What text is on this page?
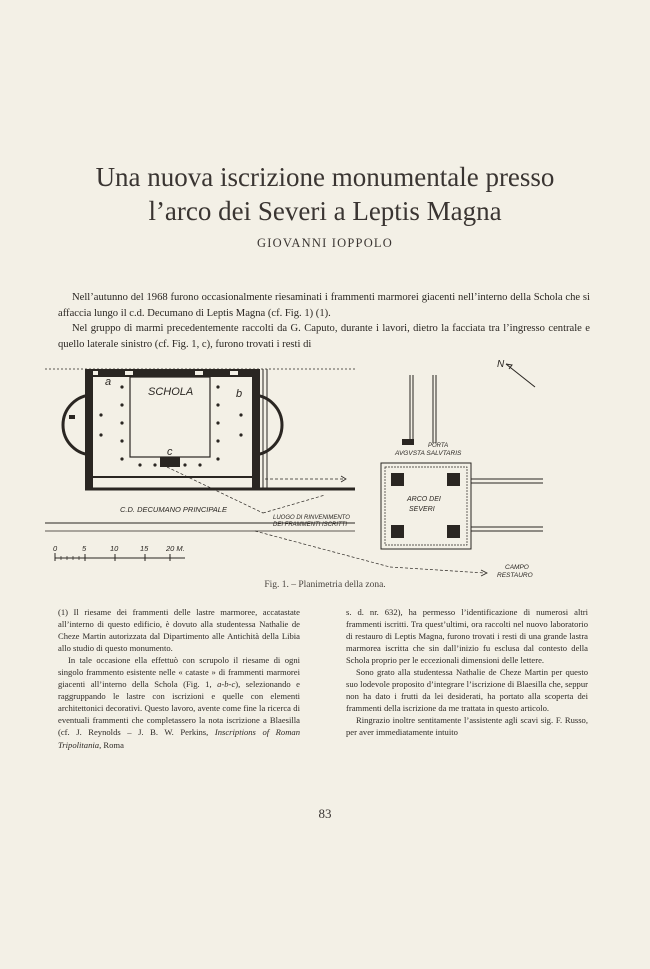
Una nuova iscrizione monumentale presso
l’arco dei Severi a Leptis Magna
GIOVANNI IOPPOLO

Nell’autunno del 1968 furono occasionalmente riesaminati i frammenti marmorei giacenti nell’interno della Schola che si affaccia lungo il c.d. Decumano di Leptis Magna (cf. Fig. 1) (1).

Nel gruppo di marmi precedentemente raccolti da G. Caputo, durante i lavori, dietro la facciata tra l’ingresso centrale e quello laterale sinistro (cf. Fig. 1, c), furono trovati i resti di

N
SCHOLA
a
b
c
C.D. DECUMANO PRINCIPALE
LUOGO DI RINVENIMENTO
DEI FRAMMENTI ISCRITTI
PORTA
AVGVSTA SALVTARIS
ARCO DEI
SEVERI
CAMPO
RESTAURO
0	5	10	15 20 M.
Fig. 1. – Planimetria della zona.

(1) Il riesame dei frammenti delle lastre marmoree, accatastate all’interno di questo edificio, è dovuto alla studentessa Nathalie de Cheze Martin autorizzata dal Dipartimento alle Antichità della Libia allo studio di questo monumento.

In tale occasione ella effettuò con scrupolo il riesame di ogni singolo frammento esistente nelle « cataste » di frammenti marmorei giacenti all’interno della Schola (Fig. 1, a-b-c), selezionando e raggruppando le lastre con iscrizioni e quelle con elementi architettonici decorativi. Questo lavoro, avente come fine la ricerca di eventuali frammenti che completassero la nota iscrizione a Blaesilla (cf. J. Reynolds – J. B. W. Perkins, Inscriptions of Roman Tripolitania, Roma

s. d. nr. 632), ha permesso l’identificazione di numerosi altri frammenti iscritti. Tra quest’ultimi, ora raccolti nel nuovo laboratorio di restauro di Leptis Magna, furono trovati i resti di una grande lastra marmorea iscritta che sin dall’inizio fu esclusa dal contesto della Schola proprio per le eccezionali dimensioni delle lettere.

Sono grato alla studentessa Nathalie de Cheze Martin per questo suo lodevole proposito d’integrare l’iscrizione di Blaesilla che, seppur non ha dato i frutti da lei desiderati, ha portato alla scoperta dei frammenti della iscrizione da me trattata in questo articolo.

Ringrazio inoltre sentitamente l’assistente agli scavi sig. F. Russo, per aver immediatamente intuito

83
